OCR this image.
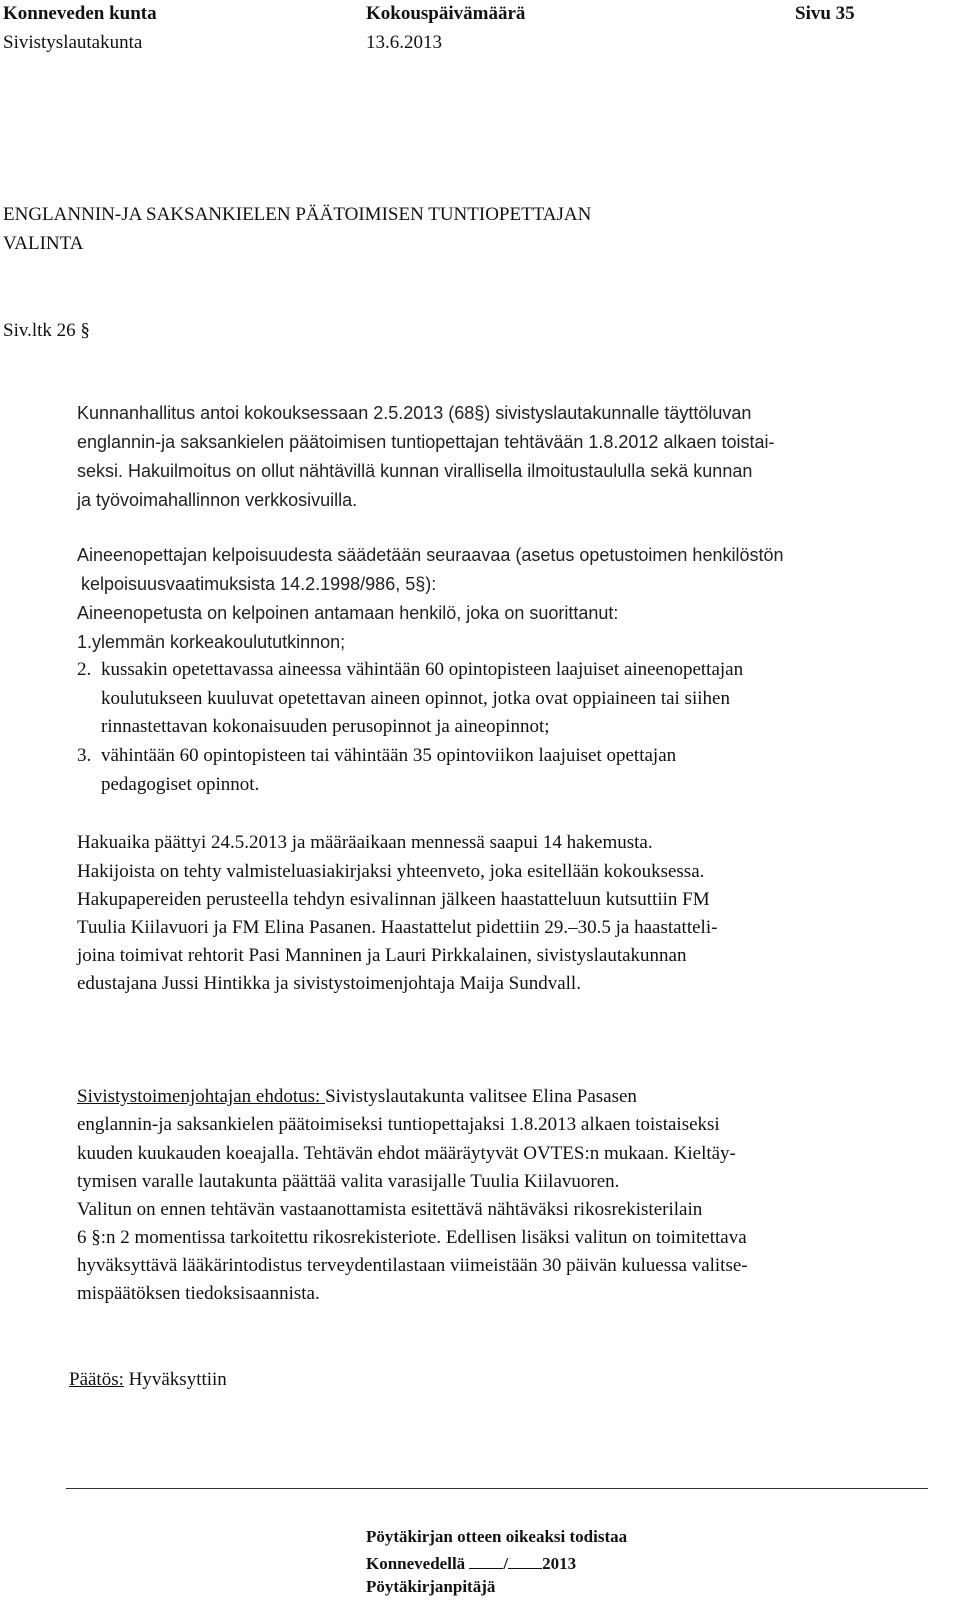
Konneveden kunta	Kokouspäivämäärä	Sivu 35
Sivistyslautakunta	13.6.2013
ENGLANNIN-JA SAKSANKIELEN PÄÄTOIMISEN TUNTIOPETTAJAN
VALINTA
Siv.ltk 26 §
Kunnanhallitus antoi kokouksessaan 2.5.2013 (68§) sivistyslautakunnalle täyttöluvan
englannin-ja saksankielen päätoimisen tuntiopettajan tehtävään 1.8.2012 alkaen toistai-
seksi. Hakuilmoitus on ollut nähtävillä kunnan virallisella ilmoitustaululla sekä kunnan
ja työvoimahallinnon verkkosivuilla.
Aineenopettajan kelpoisuudesta säädetään seuraavaa (asetus opetustoimen henkilöstön
kelpoisuusvaatimuksista 14.2.1998/986, 5§):
Aineenopetusta on kelpoinen antamaan henkilö, joka on suorittanut:
1.ylemmän korkeakoulututkinnon;
2. kussakin opetettavassa aineessa vähintään 60 opintopisteen laajuiset aineenopettajan
koulutukseen kuuluvat opetettavan aineen opinnot, jotka ovat oppiaineen tai siihen
rinnastettavan kokonaisuuden perusopinnot ja aineopinnot;
3. vähintään 60 opintopisteen tai vähintään 35 opintoviikon laajuiset opettajan
pedagogiset opinnot.
Hakuaika päättyi 24.5.2013 ja määräaikaan mennessä saapui 14 hakemusta.
Hakijoista on tehty valmisteluasiakirjaksi yhteenveto, joka esitellään kokouksessa.
Hakupapereiden perusteella tehdyn esivalinnan jälkeen haastatteluun kutsuttiin FM
Tuulia Kiilavuori ja FM Elina Pasanen. Haastattelut pidettiin 29.–30.5 ja haastatteli-
joina toimivat rehtorit Pasi Manninen ja Lauri Pirkkalainen, sivistyslautakunnan
edustajana Jussi Hintikka ja sivistystoimenjohtaja Maija Sundvall.
Sivistystoimenjohtajan ehdotus: Sivistyslautakunta valitsee Elina Pasasen
englannin-ja saksankielen päätoimiseksi tuntiopettajaksi 1.8.2013 alkaen toistaiseksi
kuuden kuukauden koeajalla. Tehtävän ehdot määräytyvät OVTES:n mukaan. Kieltäy-
tymisen varalle lautakunta päättää valita varasijalle Tuulia Kiilavuoren.
Valitun on ennen tehtävän vastaanottamista esitettävä nähtäväksi rikosrekisterilain
6 §:n 2 momentissa tarkoitettu rikosrekisteriote. Edellisen lisäksi valitun on toimitettava
hyväksyttävä lääkärintodistus terveydentilastaan viimeistään 30 päivän kuluessa valitse-
mispäätöksen tiedoksisaannista.
Päätös: Hyväksyttiin
Pöytäkirjan otteen oikeaksi todistaa
Konnevedellä / 2013
Pöytäkirjanpitäjä
